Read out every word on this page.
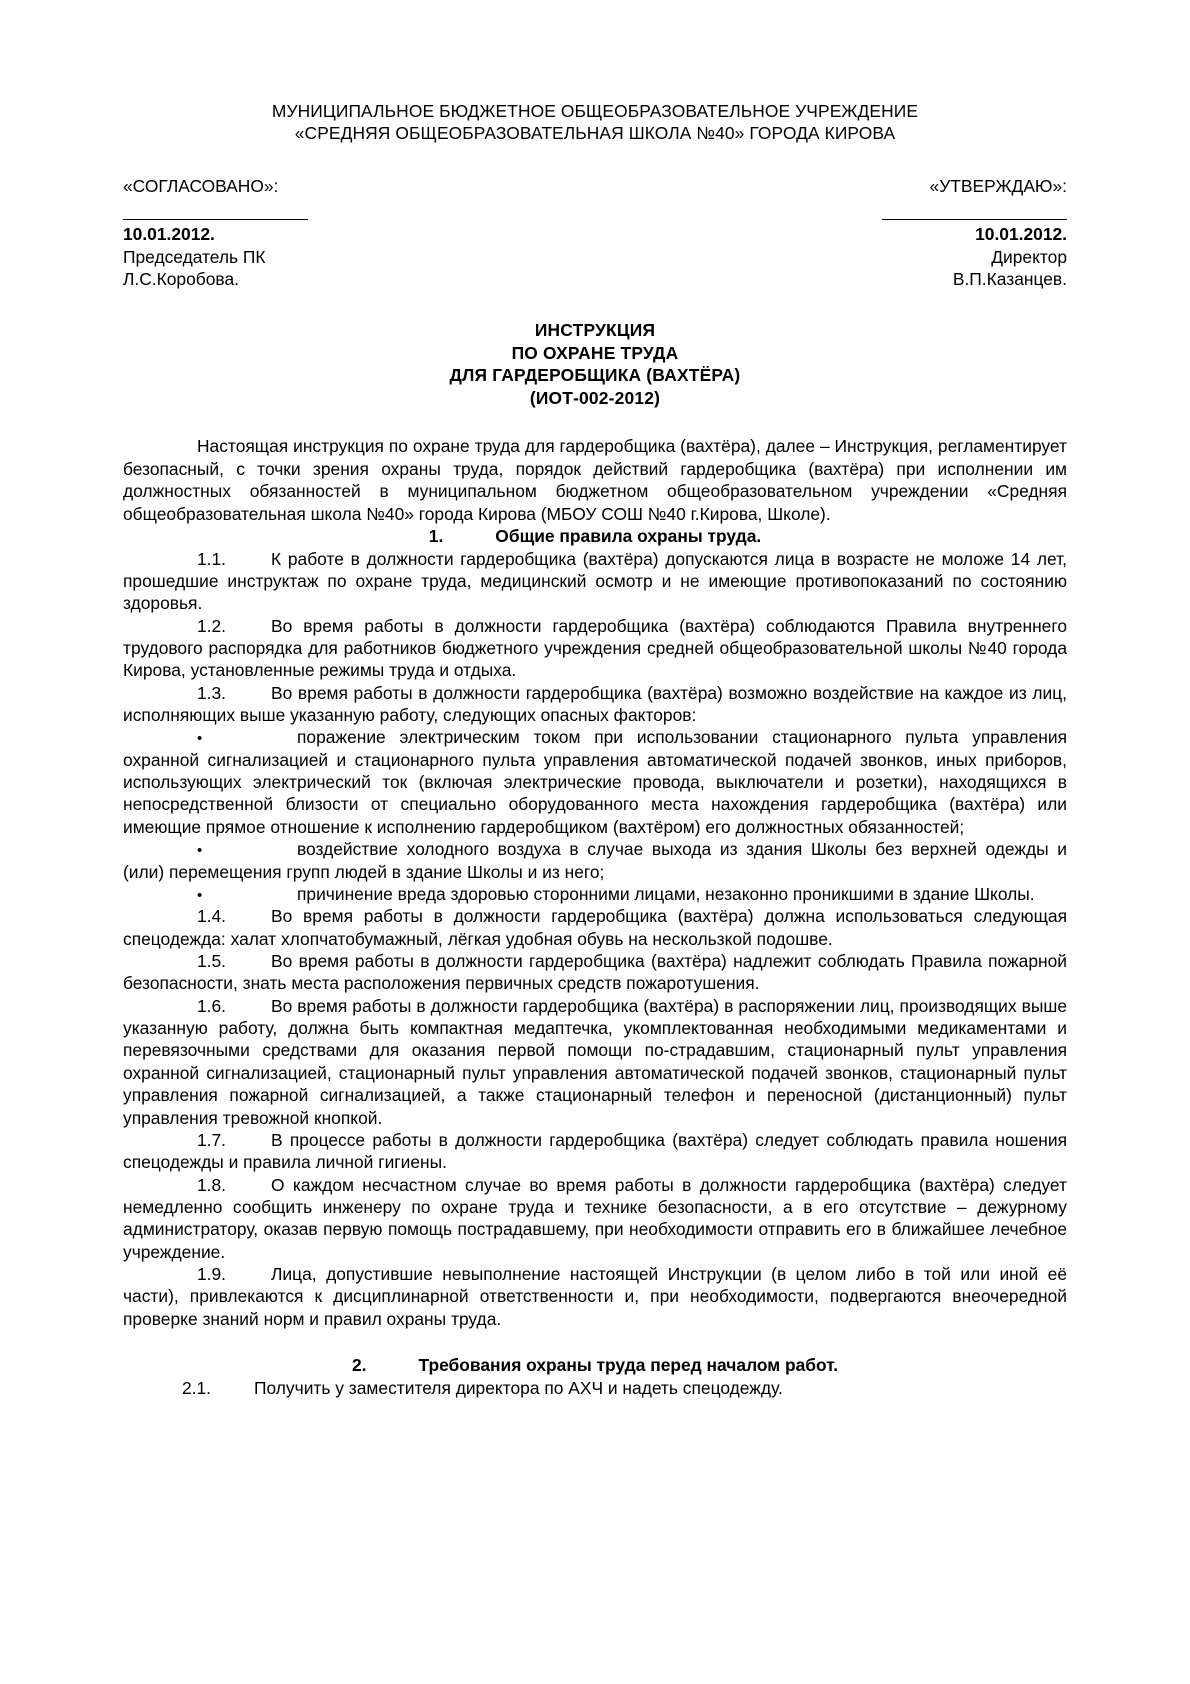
МУНИЦИПАЛЬНОЕ БЮДЖЕТНОЕ ОБЩЕОБРАЗОВАТЕЛЬНОЕ УЧРЕЖДЕНИЕ
«СРЕДНЯЯ ОБЩЕОБРАЗОВАТЕЛЬНАЯ ШКОЛА №40» ГОРОДА КИРОВА
«СОГЛАСОВАНО»:
10.01.2012.
Председатель ПК
Л.С.Коробова.
«УТВЕРЖДАЮ»:
10.01.2012.
Директор
В.П.Казанцев.
ИНСТРУКЦИЯ
ПО ОХРАНЕ ТРУДА
ДЛЯ ГАРДЕРОБЩИКА (ВАХТЁРА)
(ИОТ-002-2012)

Настоящая инструкция по охране труда для гардеробщика (вахтёра), далее – Инструкция, регламентирует безопасный, с точки зрения охраны труда, порядок действий гардеробщика (вахтёра) при исполнении им должностных обязанностей в муниципальном бюджетном общеобразовательном учреждении «Средняя общеобразовательная школа №40» города Кирова (МБОУ СОШ №40 г.Кирова, Школе).

1.	Общие правила охраны труда.

1.1.	К работе в должности гардеробщика (вахтёра) допускаются лица в возрасте не моложе 14 лет, прошедшие инструктаж по охране труда, медицинский осмотр и не имеющие противопоказаний по состоянию здоровья.

1.2.	Во время работы в должности гардеробщика (вахтёра) соблюдаются Правила внутреннего трудового распорядка для работников бюджетного учреждения средней общеобразовательной школы №40 города Кирова, установленные режимы труда и отдыха.

1.3.	Во время работы в должности гардеробщика (вахтёра) возможно воздействие на каждое из лиц, исполняющих выше указанную работу, следующих опасных факторов:

•поражение электрическим током при использовании стационарного пульта управления охранной сигнализацией и стационарного пульта управления автоматической подачей звонков, иных приборов, использующих электрический ток (включая электрические провода, выключатели и розетки), находящихся в непосредственной близости от специально оборудованного места нахождения гардеробщика (вахтёра) или имеющие прямое отношение к исполнению гардеробщиком (вахтёром) его должностных обязанностей;

•воздействие холодного воздуха в случае выхода из здания Школы без верхней одежды и (или) перемещения групп людей в здание Школы и из него;

•причинение вреда здоровью сторонними лицами, незаконно проникшими в здание Школы.

1.4.	Во время работы в должности гардеробщика (вахтёра) должна использоваться следующая спецодежда: халат хлопчатобумажный, лёгкая удобная обувь на нескользкой подошве.

1.5.	Во время работы в должности гардеробщика (вахтёра) надлежит соблюдать Правила пожарной безопасности, знать места расположения первичных средств пожаротушения.

1.6.	Во время работы в должности гардеробщика (вахтёра) в распоряжении лиц, производящих выше указанную работу, должна быть компактная медаптечка, укомплектованная необходимыми медикаментами и перевязочными средствами для оказания первой помощи по-страдавшим, стационарный пульт управления охранной сигнализацией, стационарный пульт управления автоматической подачей звонков, стационарный пульт управления пожарной сигнализацией, а также стационарный телефон и переносной (дистанционный) пульт управления тревожной кнопкой.

1.7.	В процессе работы в должности гардеробщика (вахтёра) следует соблюдать правила ношения спецодежды и правила личной гигиены.

1.8.	О каждом несчастном случае во время работы в должности гардеробщика (вахтёра) следует немедленно сообщить инженеру по охране труда и технике безопасности, а в его отсутствие – дежурному администратору, оказав первую помощь пострадавшему, при необходимости отправить его в ближайшее лечебное учреждение.

1.9.	Лица, допустившие невыполнение настоящей Инструкции (в целом либо в той или иной её части), привлекаются к дисциплинарной ответственности и, при необходимости, подвергаются внеочередной проверке знаний норм и правил охраны труда.

2.	Требования охраны труда перед началом работ.

2.1. Получить у заместителя директора по АХЧ и надеть спецодежду.
